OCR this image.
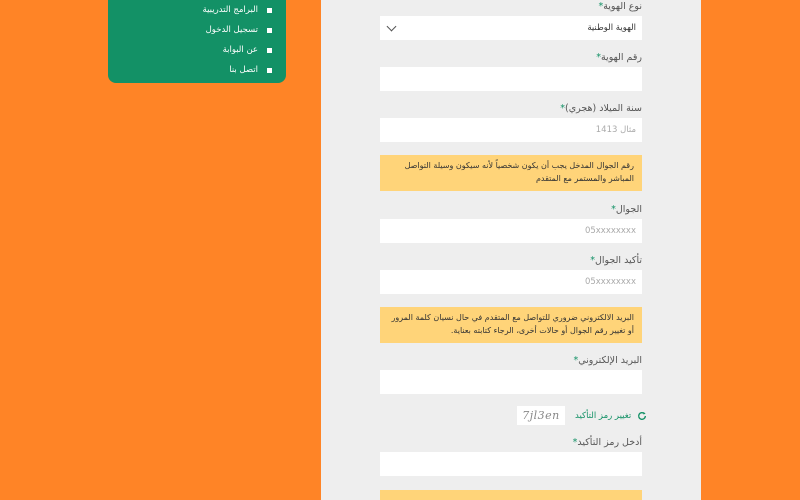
البرامج التدريبية
تسجيل الدخول
عن البوابة
اتصل بنا
نوع الهوية*
الهوية الوطنية
رقم الهوية*
سنة الميلاد (هجري)*
مثال 1413
رقم الجوال المدخل يجب أن يكون شخصياً لأنه سيكون وسيلة التواصل المباشر والمستمر مع المتقدم
الجوال*
05xxxxxxxx
تأكيد الجوال*
05xxxxxxxx
البريد الالكتروني ضروري للتواصل مع المتقدم في حال نسيان كلمة المرور أو تغيير رقم الجوال أو حالات أخرى، الرجاء كتابته بعناية.
البريد الإلكتروني*
7jl3en	تغيير رمز التأكيد
أدخل رمز التأكيد*
